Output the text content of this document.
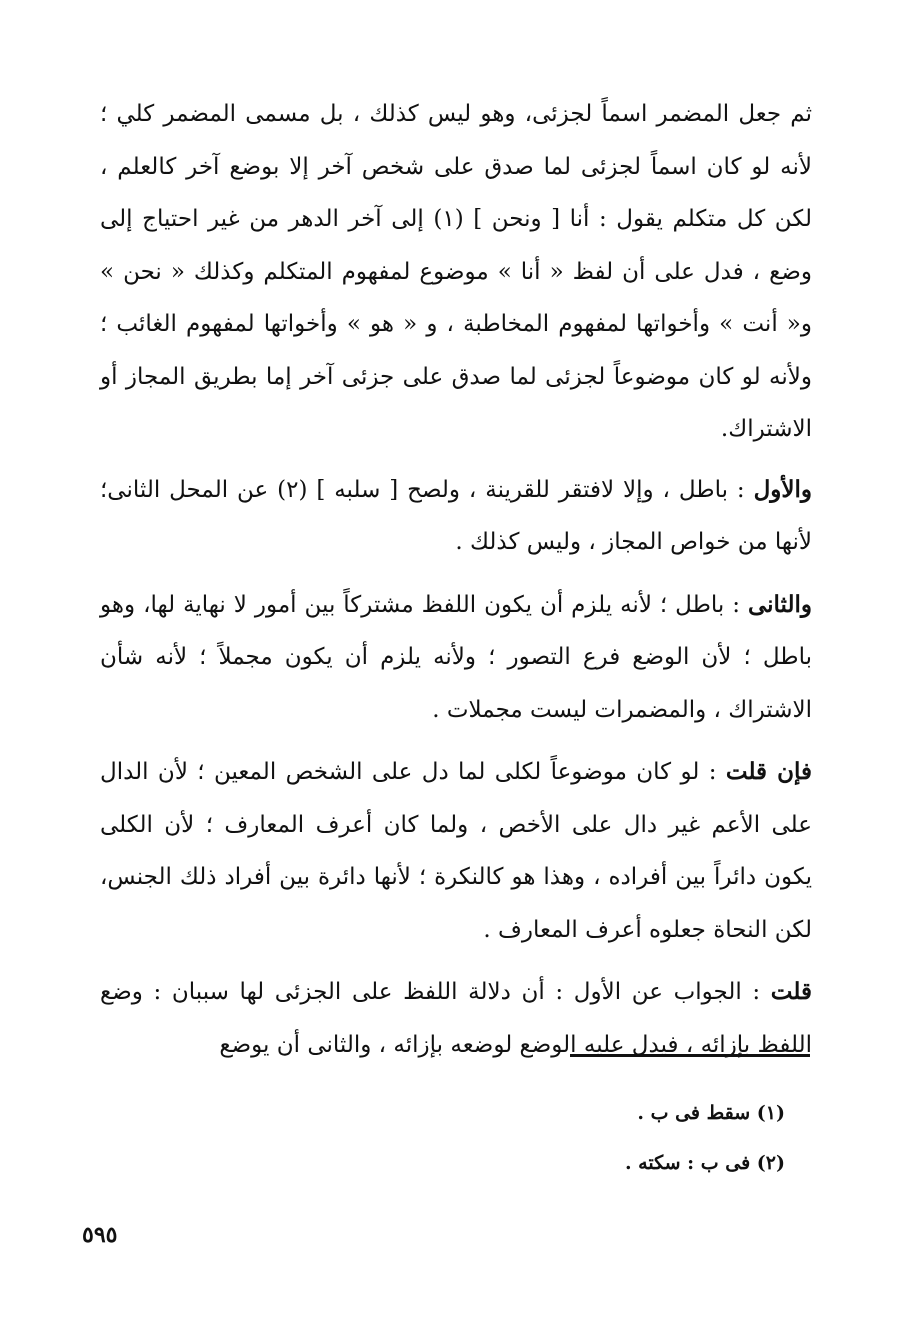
ثم جعل المضمر اسماً لجزئى، وهو ليس كذلك ، بل مسمى المضمر كلي ؛ لأنه لو كان اسماً لجزئى لما صدق على شخص آخر إلا بوضع آخر كالعلم ، لكن كل متكلم يقول : أنا [ ونحن ] (١) إلى آخر الدهر من غير احتياج إلى وضع ، فدل على أن لفظ « أنا » موضوع لمفهوم المتكلم وكذلك « نحن » و« أنت » وأخواتها لمفهوم المخاطبة ، و « هو » وأخواتها لمفهوم الغائب ؛ ولأنه لو كان موضوعاً لجزئى لما صدق على جزئى آخر إما بطريق المجاز أو الاشتراك.

والأول : باطل ، وإلا لافتقر للقرينة ، ولصح [ سلبه ] (٢) عن المحل الثانى؛ لأنها من خواص المجاز ، وليس كذلك .

والثانى : باطل ؛ لأنه يلزم أن يكون اللفظ مشتركاً بين أمور لا نهاية لها، وهو باطل ؛ لأن الوضع فرع التصور ؛ ولأنه يلزم أن يكون مجملاً ؛ لأنه شأن الاشتراك ، والمضمرات ليست مجملات .

فإن قلت : لو كان موضوعاً لكلى لما دل على الشخص المعين ؛ لأن الدال على الأعم غير دال على الأخص ، ولما كان أعرف المعارف ؛ لأن الكلى يكون دائراً بين أفراده ، وهذا هو كالنكرة ؛ لأنها دائرة بين أفراد ذلك الجنس، لكن النحاة جعلوه أعرف المعارف .

قلت : الجواب عن الأول : أن دلالة اللفظ على الجزئى لها سببان : وضع اللفظ بإزائه ، فيدل عليه الوضع لوضعه بإزائه ، والثانى أن يوضع

(١) سقط فى ب .
(٢) فى ب : سكته .
٥٩٥
